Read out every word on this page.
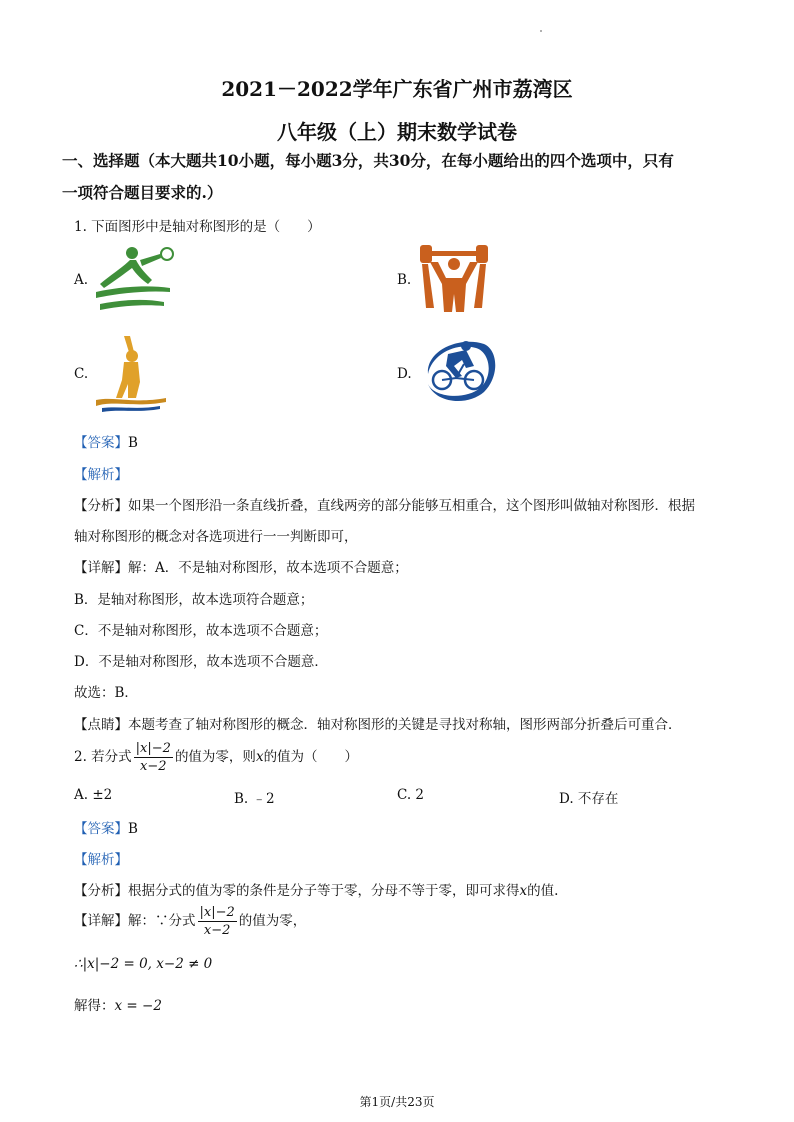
2021－2022学年广东省广州市荔湾区
八年级（上）期末数学试卷
一、选择题（本大题共10小题，每小题3分，共30分，在每小题给出的四个选项中，只有
一项符合题目要求的.）
1. 下面图形中是轴对称图形的是（　　）
A.	B.
C.	D.
【答案】B
【解析】
【分析】如果一个图形沿一条直线折叠，直线两旁的部分能够互相重合，这个图形叫做轴对称图形．根据
轴对称图形的概念对各选项进行一一判断即可，
【详解】解：A．不是轴对称图形，故本选项不合题意；
B．是轴对称图形，故本选项符合题意；
C．不是轴对称图形，故本选项不合题意；
D．不是轴对称图形，故本选项不合题意．
故选：B．
【点睛】本题考查了轴对称图形的概念．轴对称图形的关键是寻找对称轴，图形两部分折叠后可重合．
2. 若分式 $\frac{|x|-2}{x-2}$ 的值为零，则x的值为（　　）
A. ±2	B. ﹣2	C. 2	D. 不存在
【答案】B
【解析】
【分析】根据分式的值为零的条件是分子等于零，分母不等于零，即可求得x的值.
【详解】解：∵分式 $\frac{|x|-2}{x-2}$ 的值为零，
∴|x|−2 = 0, x−2 ≠ 0
解得：x = −2
第1页/共23页
